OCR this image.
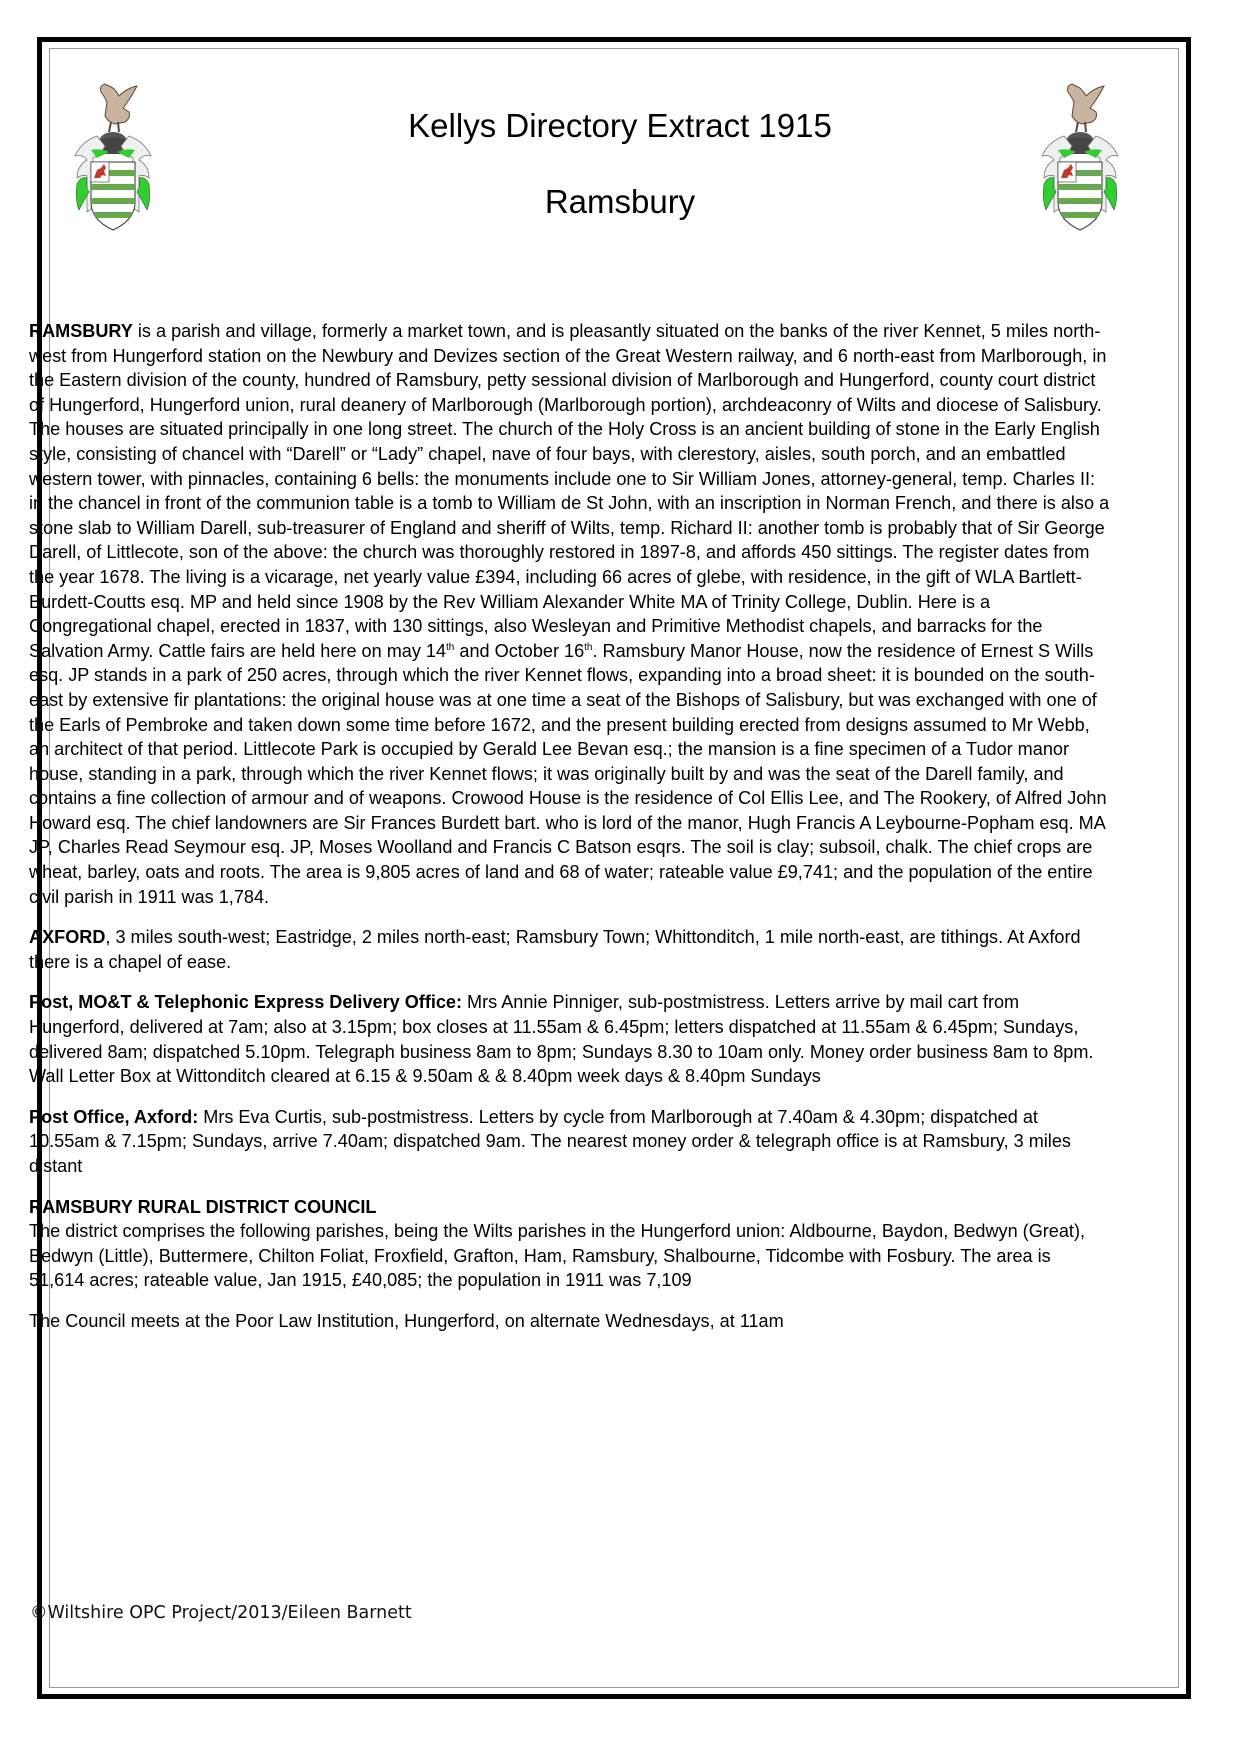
Kellys Directory Extract 1915
Ramsbury

RAMSBURY is a parish and village, formerly a market town, and is pleasantly situated on the banks of the river Kennet, 5 miles north-west from Hungerford station on the Newbury and Devizes section of the Great Western railway, and 6 north-east from Marlborough, in the Eastern division of the county, hundred of Ramsbury, petty sessional division of Marlborough and Hungerford, county court district of Hungerford, Hungerford union, rural deanery of Marlborough (Marlborough portion), archdeaconry of Wilts and diocese of Salisbury. The houses are situated principally in one long street. The church of the Holy Cross is an ancient building of stone in the Early English style, consisting of chancel with “Darell” or “Lady” chapel, nave of four bays, with clerestory, aisles, south porch, and an embattled western tower, with pinnacles, containing 6 bells: the monuments include one to Sir William Jones, attorney-general, temp. Charles II: in the chancel in front of the communion table is a tomb to William de St John, with an inscription in Norman French, and there is also a stone slab to William Darell, sub-treasurer of England and sheriff of Wilts, temp. Richard II: another tomb is probably that of Sir George Darell, of Littlecote, son of the above: the church was thoroughly restored in 1897-8, and affords 450 sittings. The register dates from the year 1678. The living is a vicarage, net yearly value £394, including 66 acres of glebe, with residence, in the gift of WLA Bartlett-Burdett-Coutts esq. MP and held since 1908 by the Rev William Alexander White MA of Trinity College, Dublin. Here is a Congregational chapel, erected in 1837, with 130 sittings, also Wesleyan and Primitive Methodist chapels, and barracks for the Salvation Army. Cattle fairs are held here on may 14th and October 16th. Ramsbury Manor House, now the residence of Ernest S Wills esq. JP stands in a park of 250 acres, through which the river Kennet flows, expanding into a broad sheet: it is bounded on the south-east by extensive fir plantations: the original house was at one time a seat of the Bishops of Salisbury, but was exchanged with one of the Earls of Pembroke and taken down some time before 1672, and the present building erected from designs assumed to Mr Webb, an architect of that period. Littlecote Park is occupied by Gerald Lee Bevan esq.; the mansion is a fine specimen of a Tudor manor house, standing in a park, through which the river Kennet flows; it was originally built by and was the seat of the Darell family, and contains a fine collection of armour and of weapons. Crowood House is the residence of Col Ellis Lee, and The Rookery, of Alfred John Howard esq. The chief landowners are Sir Frances Burdett bart. who is lord of the manor, Hugh Francis A Leybourne-Popham esq. MA JP, Charles Read Seymour esq. JP, Moses Woolland and Francis C Batson esqrs. The soil is clay; subsoil, chalk. The chief crops are wheat, barley, oats and roots. The area is 9,805 acres of land and 68 of water; rateable value £9,741; and the population of the entire civil parish in 1911 was 1,784.

AXFORD, 3 miles south-west; Eastridge, 2 miles north-east; Ramsbury Town; Whittonditch, 1 mile north-east, are tithings. At Axford there is a chapel of ease.

Post, MO&T & Telephonic Express Delivery Office: Mrs Annie Pinniger, sub-postmistress. Letters arrive by mail cart from Hungerford, delivered at 7am; also at 3.15pm; box closes at 11.55am & 6.45pm; letters dispatched at 11.55am & 6.45pm; Sundays, delivered 8am; dispatched 5.10pm. Telegraph business 8am to 8pm; Sundays 8.30 to 10am only. Money order business 8am to 8pm. Wall Letter Box at Wittonditch cleared at 6.15 & 9.50am & & 8.40pm week days & 8.40pm Sundays

Post Office, Axford: Mrs Eva Curtis, sub-postmistress. Letters by cycle from Marlborough at 7.40am & 4.30pm; dispatched at 10.55am & 7.15pm; Sundays, arrive 7.40am; dispatched 9am. The nearest money order & telegraph office is at Ramsbury, 3 miles distant

RAMSBURY RURAL DISTRICT COUNCIL
The district comprises the following parishes, being the Wilts parishes in the Hungerford union: Aldbourne, Baydon, Bedwyn (Great), Bedwyn (Little), Buttermere, Chilton Foliat, Froxfield, Grafton, Ham, Ramsbury, Shalbourne, Tidcombe with Fosbury. The area is 51,614 acres; rateable value, Jan 1915, £40,085; the population in 1911 was 7,109

The Council meets at the Poor Law Institution, Hungerford, on alternate Wednesdays, at 11am

©Wiltshire OPC Project/2013/Eileen Barnett
